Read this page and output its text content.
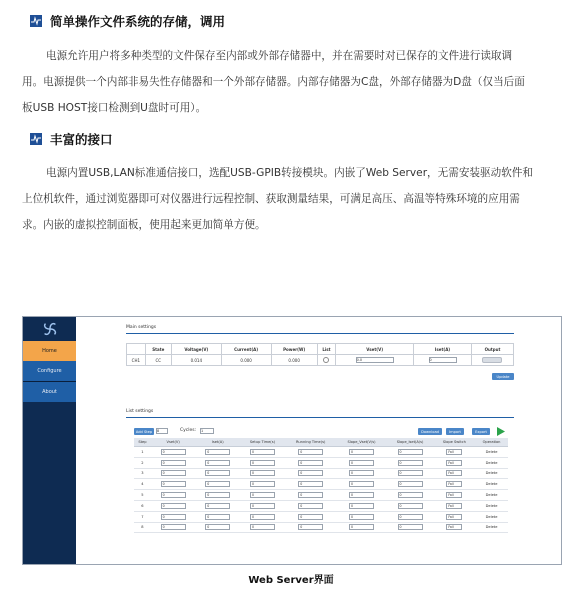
简单操作文件系统的存储，调用
电源允许用户将多种类型的文件保存至内部或外部存储器中，并在需要时对已保存的文件进行读取调
用。电源提供一个内部非易失性存储器和一个外部存储器。内部存储器为C盘，外部存储器为D盘（仅当后面
板USB HOST接口检测到U盘时可用）。
丰富的接口
电源内置USB,LAN标准通信接口，选配USB-GPIB转接模块。内嵌了Web Server，无需安装驱动软件和
上位机软件，通过浏览器即可对仪器进行远程控制、获取测量结果，可满足高压、高温等特殊环境的应用需
求。内嵌的虚拟控制面板，使用起来更加简单方便。
Home
Configure
About
Main settings
	State	Voltage(V)	Current(A)	Power(W)	List	Vset(V)	Iset(A)	Output
CH1	CC	0.014	0.000	0.000		0.0	0	
Update
List settings
Add Step	8	Cycles: 1	Download	Import	Export
Step	Vset(V)	Iset(A)	Setup Time(s)	Running Time(s)	Slope_Vset(V/s)	Slope_Iset(A/s)	Slope Switch	Operation
1	0	0	0	0	0	0	Fall	Delete
2	0	0	0	0	0	0	Fall	Delete
3	0	0	0	0	0	0	Fall	Delete
4	0	0	0	0	0	0	Fall	Delete
5	0	0	0	0	0	0	Fall	Delete
6	0	0	0	0	0	0	Fall	Delete
7	0	0	0	0	0	0	Fall	Delete
8	0	0	0	0	0	0	Fall	Delete
Web Server界面
